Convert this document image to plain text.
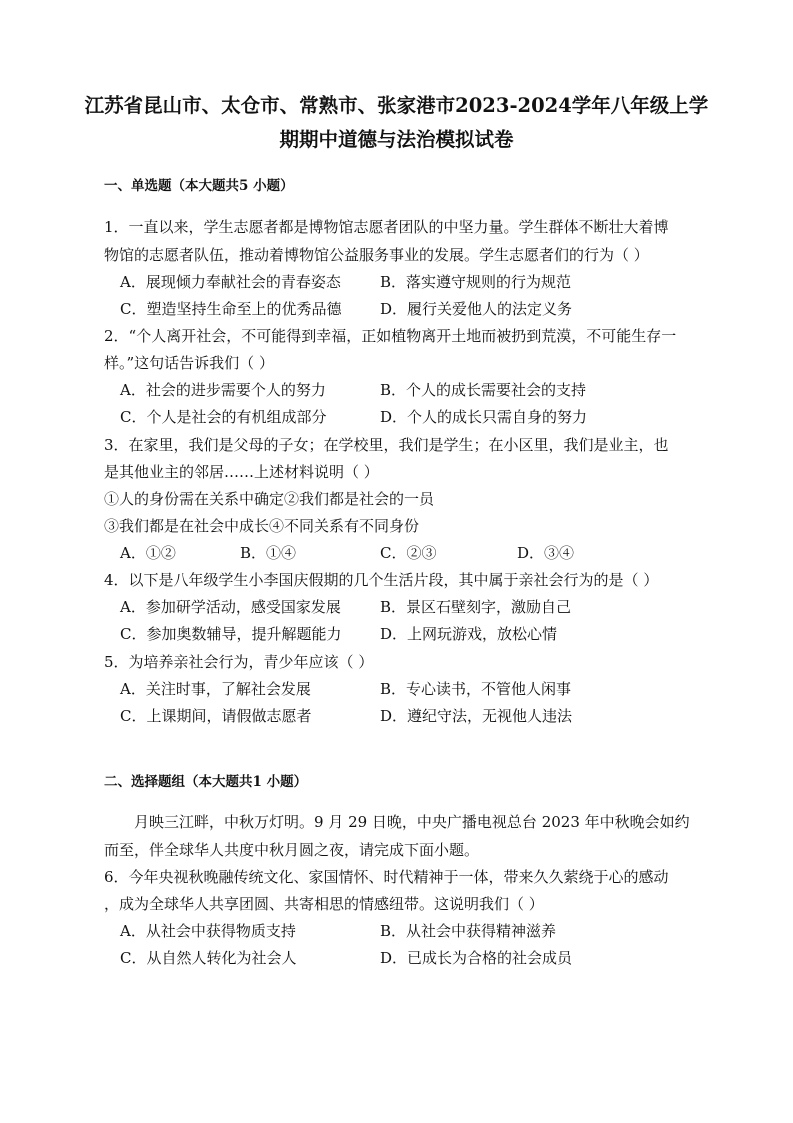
江苏省昆山市、太仓市、常熟市、张家港市2023-2024学年八年级上学
期期中道德与法治模拟试卷
一、单选题（本大题共5 小题）
1．一直以来，学生志愿者都是博物馆志愿者团队的中坚力量。学生群体不断壮大着博
物馆的志愿者队伍，推动着博物馆公益服务事业的发展。学生志愿者们的行为（ ）
A．展现倾力奉献社会的青春姿态	B．落实遵守规则的行为规范
C．塑造坚持生命至上的优秀品德	D．履行关爱他人的法定义务
2．“个人离开社会，不可能得到幸福，正如植物离开土地而被扔到荒漠，不可能生存一
样。”这句话告诉我们（ ）
A．社会的进步需要个人的努力	B．个人的成长需要社会的支持
C．个人是社会的有机组成部分	D．个人的成长只需自身的努力
3．在家里，我们是父母的子女；在学校里，我们是学生；在小区里，我们是业主，也
是其他业主的邻居……上述材料说明（ ）
①人的身份需在关系中确定②我们都是社会的一员
③我们都是在社会中成长④不同关系有不同身份
A．①②	B．①④	C．②③	D．③④
4．以下是八年级学生小李国庆假期的几个生活片段，其中属于亲社会行为的是（ ）
A．参加研学活动，感受国家发展	B．景区石壁刻字，激励自己
C．参加奥数辅导，提升解题能力	D．上网玩游戏，放松心情
5．为培养亲社会行为，青少年应该（ ）
A．关注时事，了解社会发展	B．专心读书，不管他人闲事
C．上课期间，请假做志愿者	D．遵纪守法，无视他人违法
二、选择题组（本大题共1 小题）
月映三江畔，中秋万灯明。9 月 29 日晚，中央广播电视总台 2023 年中秋晚会如约
而至，伴全球华人共度中秋月圆之夜，请完成下面小题。
6．今年央视秋晚融传统文化、家国情怀、时代精神于一体，带来久久萦绕于心的感动
，成为全球华人共享团圆、共寄相思的情感纽带。这说明我们（ ）
A．从社会中获得物质支持	B．从社会中获得精神滋养
C．从自然人转化为社会人	D．已成长为合格的社会成员
